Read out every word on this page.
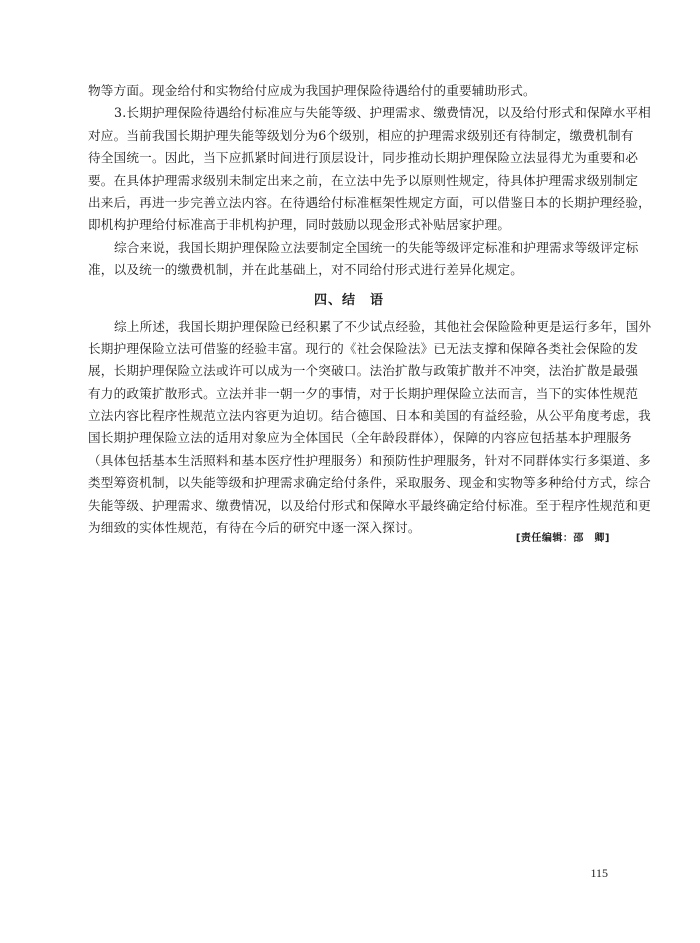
物等方面。现金给付和实物给付应成为我国护理保险待遇给付的重要辅助形式。
3.长期护理保险待遇给付标准应与失能等级、护理需求、缴费情况，以及给付形式和保障水平相
对应。当前我国长期护理失能等级划分为6个级别，相应的护理需求级别还有待制定，缴费机制有
待全国统一。因此，当下应抓紧时间进行顶层设计，同步推动长期护理保险立法显得尤为重要和必
要。在具体护理需求级别未制定出来之前，在立法中先予以原则性规定，待具体护理需求级别制定
出来后，再进一步完善立法内容。在待遇给付标准框架性规定方面，可以借鉴日本的长期护理经验，
即机构护理给付标准高于非机构护理，同时鼓励以现金形式补贴居家护理。
综合来说，我国长期护理保险立法要制定全国统一的失能等级评定标准和护理需求等级评定标
准，以及统一的缴费机制，并在此基础上，对不同给付形式进行差异化规定。
四、结　语
综上所述，我国长期护理保险已经积累了不少试点经验，其他社会保险险种更是运行多年，国外
长期护理保险立法可借鉴的经验丰富。现行的《社会保险法》已无法支撑和保障各类社会保险的发
展，长期护理保险立法或许可以成为一个突破口。法治扩散与政策扩散并不冲突，法治扩散是最强
有力的政策扩散形式。立法并非一朝一夕的事情，对于长期护理保险立法而言，当下的实体性规范
立法内容比程序性规范立法内容更为迫切。结合德国、日本和美国的有益经验，从公平角度考虑，我
国长期护理保险立法的适用对象应为全体国民（全年龄段群体），保障的内容应包括基本护理服务
（具体包括基本生活照料和基本医疗性护理服务）和预防性护理服务，针对不同群体实行多渠道、多
类型筹资机制，以失能等级和护理需求确定给付条件，采取服务、现金和实物等多种给付方式，综合
失能等级、护理需求、缴费情况，以及给付形式和保障水平最终确定给付标准。至于程序性规范和更
为细致的实体性规范，有待在今后的研究中逐一深入探讨。
[责任编辑：邵　卿]
115
